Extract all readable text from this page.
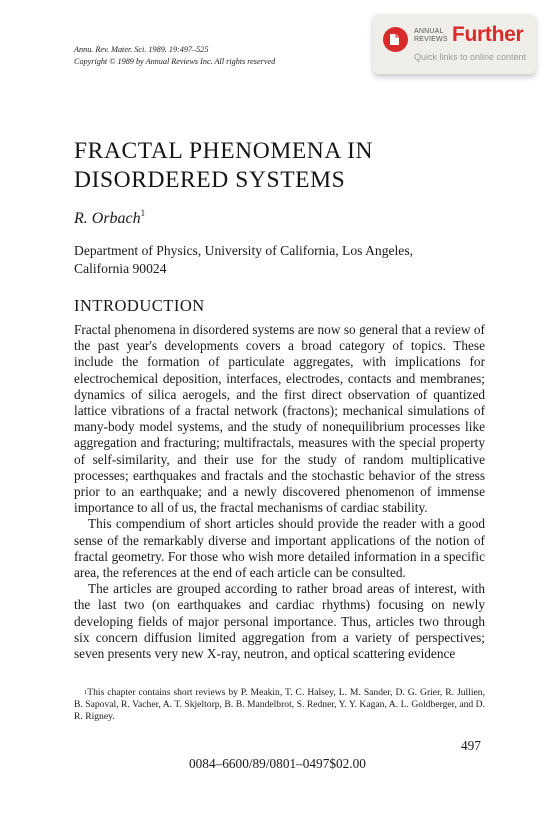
Annu. Rev. Mater. Sci. 1989. 19:497–525
Copyright © 1989 by Annual Reviews Inc. All rights reserved
ANNUAL
REVIEWS Further
Quick links to online content
FRACTAL PHENOMENA IN
DISORDERED SYSTEMS
R. Orbach$^1$
Department of Physics, University of California, Los Angeles,
California 90024
INTRODUCTION

Fractal phenomena in disordered systems are now so general that a review of the past year's developments covers a broad category of topics. These include the formation of particulate aggregates, with implications for electrochemical deposition, interfaces, electrodes, contacts and membranes; dynamics of silica aerogels, and the first direct observation of quantized lattice vibrations of a fractal network (fractons); mechanical simulations of many-body model systems, and the study of nonequilibrium processes like aggregation and fracturing; multifractals, measures with the special property of self-similarity, and their use for the study of random multiplicative processes; earthquakes and fractals and the stochastic behavior of the stress prior to an earthquake; and a newly discovered phenomenon of immense importance to all of us, the fractal mechanisms of cardiac stability.

This compendium of short articles should provide the reader with a good sense of the remarkably diverse and important applications of the notion of fractal geometry. For those who wish more detailed information in a specific area, the references at the end of each article can be consulted.

The articles are grouped according to rather broad areas of interest, with the last two (on earthquakes and cardiac rhythms) focusing on newly developing fields of major personal importance. Thus, articles two through six concern diffusion limited aggregation from a variety of perspectives; seven presents very new X-ray, neutron, and optical scattering evidence

$^1$This chapter contains short reviews by P. Meakin, T. C. Halsey, L. M. Sander, D. G. Grier, R. Jullien, B. Sapoval, R. Vacher, A. T. Skjeltorp, B. B. Mandelbrot, S. Redner, Y. Y. Kagan, A. L. Goldberger, and D. R. Rigney.
497
0084–6600/89/0801–0497$02.00
